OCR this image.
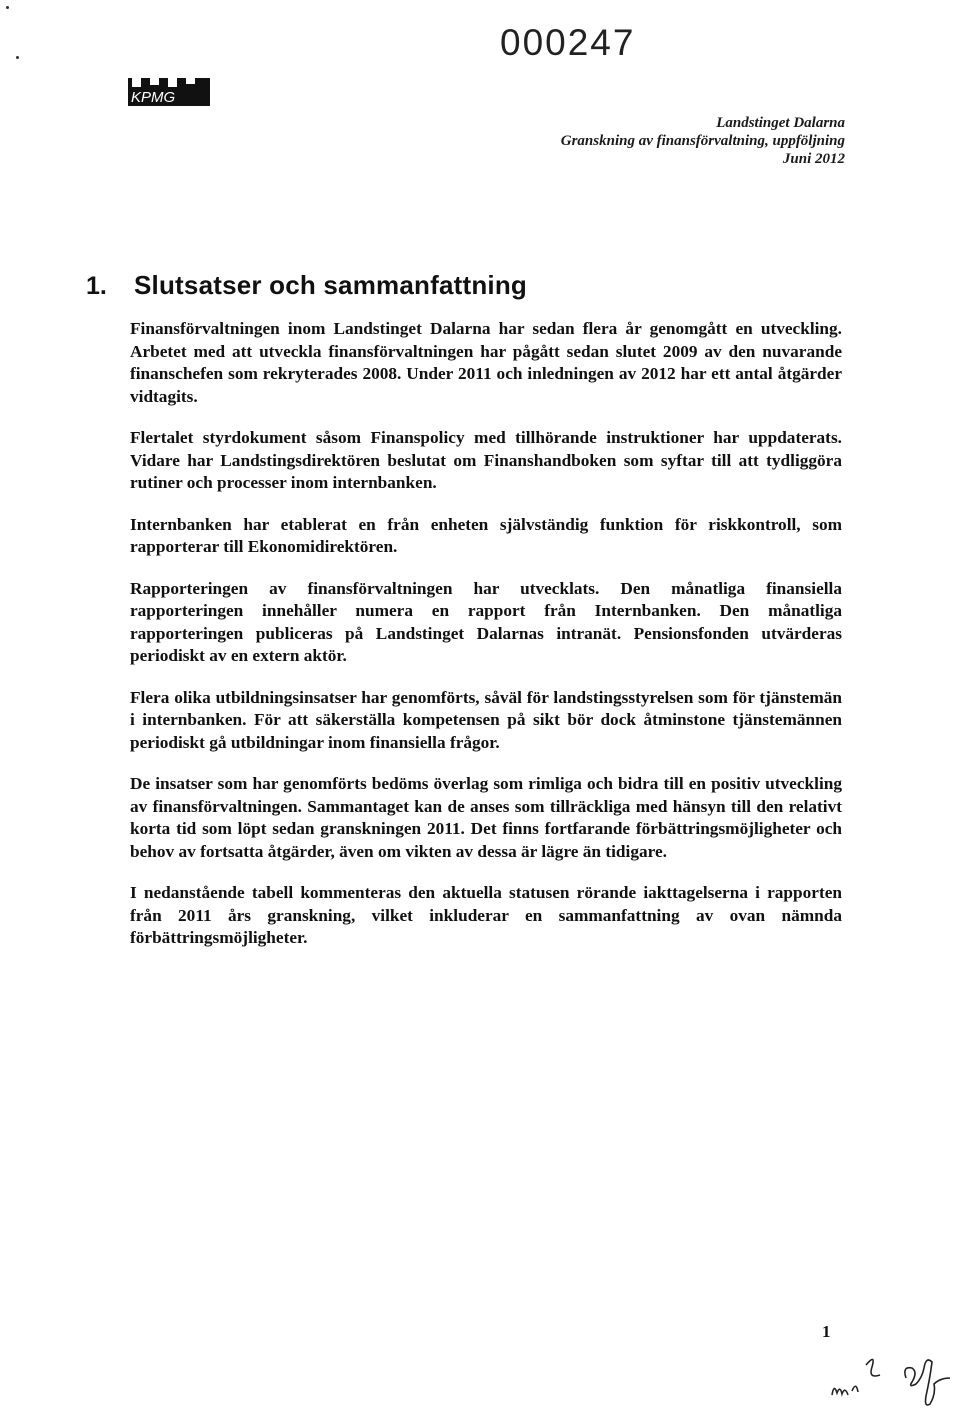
000247
KPMG
Landstinget Dalarna
Granskning av finansförvaltning, uppföljning
Juni 2012
1.	Slutsatser och sammanfattning

Finansförvaltningen inom Landstinget Dalarna har sedan flera år genomgått en utveckling. Arbetet med att utveckla finansförvaltningen har pågått sedan slutet 2009 av den nuvarande finanschefen som rekryterades 2008. Under 2011 och inledningen av 2012 har ett antal åtgärder vidtagits.

Flertalet styrdokument såsom Finanspolicy med tillhörande instruktioner har uppdaterats. Vidare har Landstingsdirektören beslutat om Finanshandboken som syftar till att tydliggöra rutiner och processer inom internbanken.

Internbanken har etablerat en från enheten självständig funktion för riskkontroll, som rapporterar till Ekonomidirektören.

Rapporteringen av finansförvaltningen har utvecklats. Den månatliga finansiella rapporteringen innehåller numera en rapport från Internbanken. Den månatliga rapporteringen publiceras på Landstinget Dalarnas intranät. Pensionsfonden utvärderas periodiskt av en extern aktör.

Flera olika utbildningsinsatser har genomförts, såväl för landstingsstyrelsen som för tjänstemän i internbanken. För att säkerställa kompetensen på sikt bör dock åtminstone tjänstemännen periodiskt gå utbildningar inom finansiella frågor.

De insatser som har genomförts bedöms överlag som rimliga och bidra till en positiv utveckling av finansförvaltningen. Sammantaget kan de anses som tillräckliga med hänsyn till den relativt korta tid som löpt sedan granskningen 2011. Det finns fortfarande förbättringsmöjligheter och behov av fortsatta åtgärder, även om vikten av dessa är lägre än tidigare.

I nedanstående tabell kommenteras den aktuella statusen rörande iakttagelserna i rapporten från 2011 års granskning, vilket inkluderar en sammanfattning av ovan nämnda förbättringsmöjligheter.

1
